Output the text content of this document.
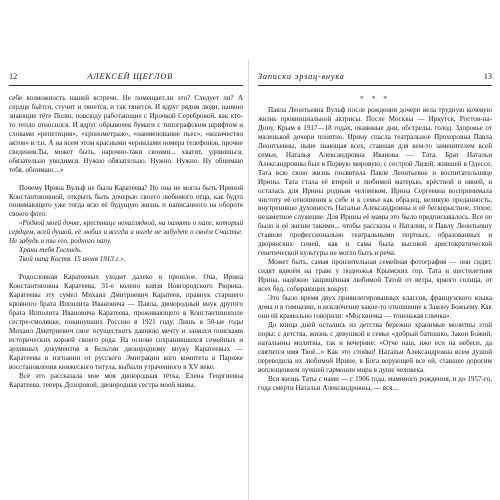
12	АЛЕКСЕЙ ЩЕГЛОВ

себе возможность нашей встречи. Не помещает.ли это? Следует ли? А сердце бьётся, стучит и тянется, и так тянется. И вдруг рядом люди, наивно знающие тёте Полю, повсюду работающие с Ирочкой Серебровой, как кто-то тепло относился. И вдруг обрывочек бумаги с типографским шрифтом и словами «репетиция», «хронометраж», «наименование пьес», «количество актов» и т.п. А на всем этом красными чернилами номера телефонов, прочие сведения.Ты, может быть, нарочно-таки своими... хватит, удивишься, обязательно увидимся. Нужно обязательно. Нужно. Нужно. Ну обнимаю тебя, обнимаю ...»

Почему Ирина Вульф не была Каратеева? Но она не могла быть Ириной Константиновной, открыть быть дочерью своего любимого отца, как будто понимающего уже тогда всю её будущую жизнь и написанного на обороте своего фото:

«Родной моей дочке, крестнице ненаглядной, на память о папе, который сердцем, всей душой, её любил и всегда и нигде не забудет о своём Счастье. Не забудь и ты его, родного папу.

Храни тебя Господь.

Твой папа Костя. 15 июня 1913 г.».

Родословная Каратеевых уходит далеко в прошлое. Она, Ирина Константиновна Каратеева, 31-е колено князя Новгородского Рюрика. Каратеевы эту сумел Михаил Дмитриевич Каратеев, правнук старшего кровного брата Ипполита Ивановича — Павла, двоюродный внук другого брата Ипполита Ивановича Каратеева, проживающего в Константинополе сестре-смолянке, покинувших Россию в 1921 году. Лишь в 50-ые годы Михаил Дмитриевич смог осуществить давнюю мечту и занялся поисками исторических корней своего рода. На основе сохранившихся семейных и архивных документов в Бельгии двоюродному внуку Каратеевых — Каратеевы в изгнании от русского Эмиграции кого комитета в Париже восстановления княжеского титула, выбыли утраченного в XV веке.

Всё это рассказала мне моя двоюродная тётка, Елена Георгиевна Каратеева, теперь Дозоровой, двоюродная сестра моей мамы.

Записки эрзац-внука	13
* * *

Павла Леонтьевна Вульф после рождения дочери вела трудную кочевую жизнь провинциальной актрисы. После Москвы — Иркутск, Ростов-на-Дону, Крым в 1917—18 годах, окаянные дни, обстрелы, голод. Здоровье от маленькой дочери понятно. Ирину спасла театральное Прохоровна Павла Леонтьевны, ныне знающая всех, ставшая для кем-то заменителем всей семьи, Наталья Александровна Иванова — Тата. Брат Натальи Александровны был в Первую мировую; с сестрой Лизой, жившей в Одессе, Тата всю свою жизнь посвятила Павле Леонтьевне и воспитательнице Ирины. Тата стала её второй и любимой матерью, крёстной и няней, и осталась для Ирины родным человеком. Ирина Сергеевна воспринимала чистоту её отношения к себе и к семье как образец, великую преданность, внутреннюю духовность Натальи Александровны и её бескорыстное, тихое, незаметное служение. Для Ирины её мамы это было предписывалось. Все не было в её жизни такими... чтобы рассказы о Наталии, и Павлу Леонтьевну ставили профессионально театральными портных, образованных и дворянских семей, как и сама была высокой аристократической генетической культуры не могло быть и речи.

Может быть, самая пронзительная семейная фотография — они сидят, сидят вдвоём на траве у подножья Крымских гор. Тата и шестилетняя Ирина, надёжно защищённая любимой Татой от ветра, яркого солнца, от всех бед, собирающих вокруг.

Это было время двух привилегированных классов, французского языка дома и в гимназии, и исключение какое-то отношение к Закону Божьему. Как они ей крамольно говорили: «Москвичка — тоненькая спичка».

До конца дней остались из детства бережно хранимые молитвы этой поры: с детства, жизнь с девушкой в семье «добрый батюшко, Закон Божий, натальины молитвы, так и вечерние: «Отче наш, иже еси на небеси, да святится имя Твоё...» Как это стойко! Наталья Александровна всем душой переводила их любимой Ирине, в Бога верующей все ей, ставшее дорогим воплощением лучшей гармонии мира в душе человека.

Вся жизнь Таты с нами — с 1906 года, маминого рождения, и до 1957-го, года смерти Натальи Александровны, — вся...
